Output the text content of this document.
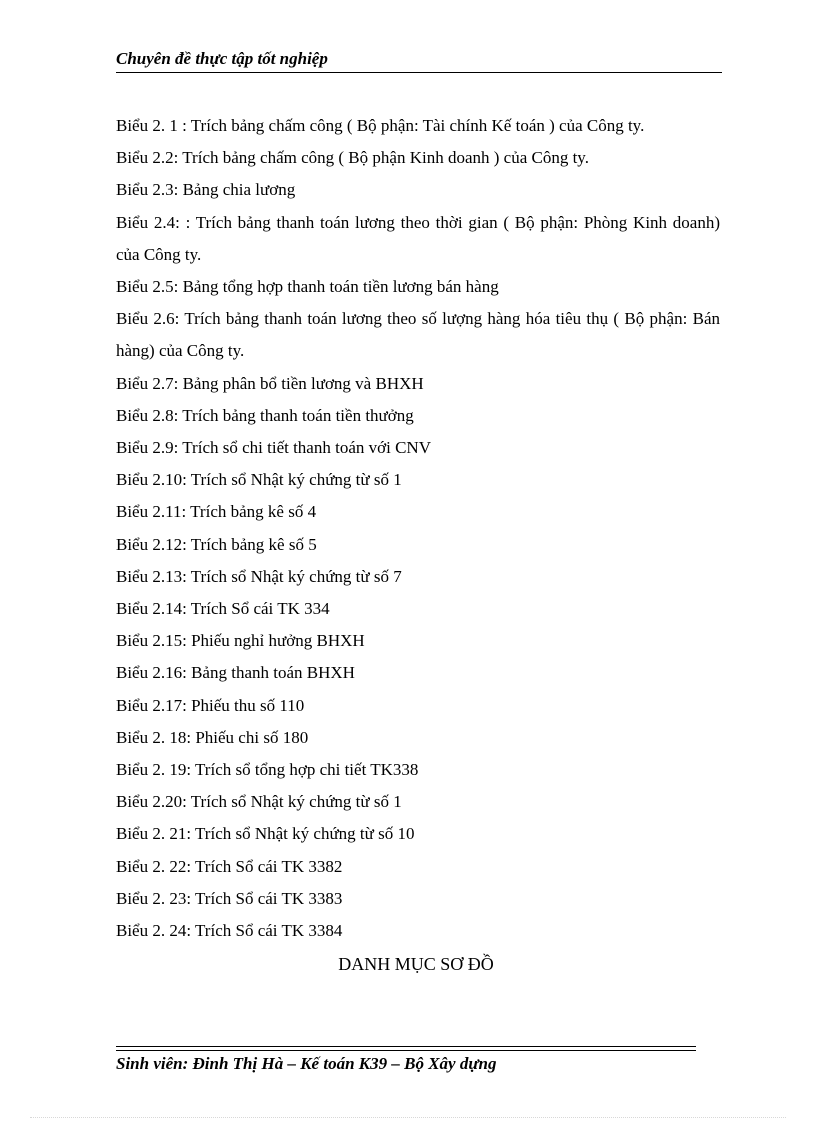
Chuyên đề thực tập tốt nghiệp
Biểu 2. 1 : Trích bảng chấm công ( Bộ phận: Tài chính Kế toán ) của Công ty.
Biểu 2.2: Trích bảng chấm công ( Bộ phận Kinh doanh ) của Công ty.
Biểu 2.3: Bảng chia lương
Biểu 2.4: : Trích bảng thanh toán lương theo thời gian ( Bộ phận: Phòng Kinh doanh) của Công ty.
Biểu 2.5: Bảng tổng hợp thanh toán tiền lương bán hàng
Biểu 2.6: Trích bảng thanh toán lương theo số lượng hàng hóa tiêu thụ ( Bộ phận: Bán hàng) của Công ty.
Biểu 2.7: Bảng phân bổ tiền lương và BHXH
Biểu 2.8: Trích bảng thanh toán tiền thưởng
Biểu 2.9: Trích sổ chi tiết thanh toán với CNV
Biểu 2.10: Trích sổ Nhật ký chứng từ số 1
Biểu 2.11: Trích bảng kê số 4
Biểu 2.12: Trích bảng kê số 5
Biểu 2.13: Trích sổ Nhật ký chứng từ số 7
Biểu 2.14: Trích Sổ cái TK 334
Biểu 2.15: Phiếu nghỉ hưởng BHXH
Biểu 2.16: Bảng thanh toán BHXH
Biểu 2.17: Phiếu thu số 110
Biểu 2. 18: Phiếu chi số 180
Biểu 2. 19: Trích sổ tổng hợp chi tiết TK338
Biểu 2.20: Trích sổ Nhật ký chứng từ số 1
Biểu 2. 21: Trích sổ Nhật ký chứng từ số 10
Biểu 2. 22: Trích Sổ cái TK 3382
Biểu 2. 23: Trích Sổ cái TK 3383
Biểu 2. 24: Trích Sổ cái TK 3384
DANH MỤC SƠ ĐỒ
Sinh viên: Đinh Thị Hà – Kế toán K39 – Bộ Xây dựng
